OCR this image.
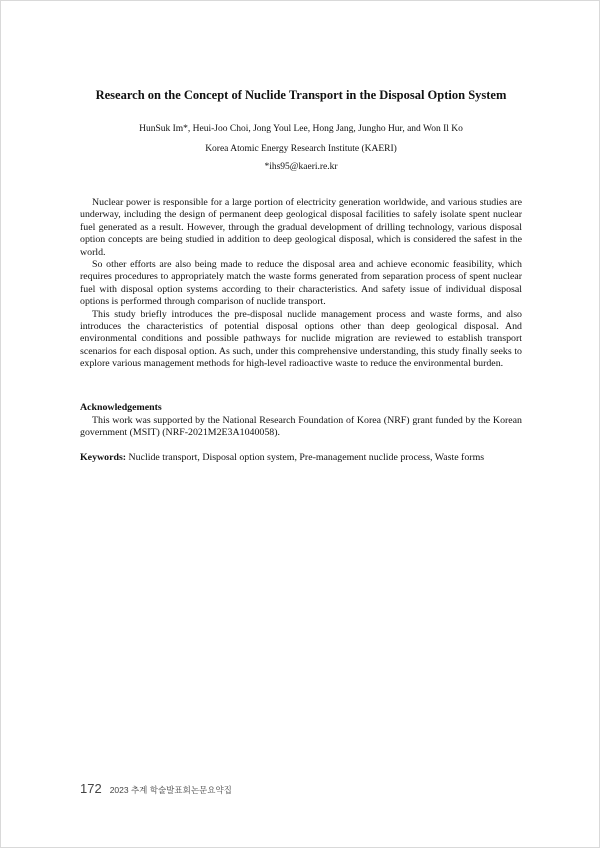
Research on the Concept of Nuclide Transport in the Disposal Option System
HunSuk Im*, Heui-Joo Choi, Jong Youl Lee, Hong Jang, Jungho Hur, and Won Il Ko
Korea Atomic Energy Research Institute (KAERI)
*ihs95@kaeri.re.kr

Nuclear power is responsible for a large portion of electricity generation worldwide, and various studies are underway, including the design of permanent deep geological disposal facilities to safely isolate spent nuclear fuel generated as a result. However, through the gradual development of drilling technology, various disposal option concepts are being studied in addition to deep geological disposal, which is considered the safest in the world.

So other efforts are also being made to reduce the disposal area and achieve economic feasibility, which requires procedures to appropriately match the waste forms generated from separation process of spent nuclear fuel with disposal option systems according to their characteristics. And safety issue of individual disposal options is performed through comparison of nuclide transport.

This study briefly introduces the pre-disposal nuclide management process and waste forms, and also introduces the characteristics of potential disposal options other than deep geological disposal. And environmental conditions and possible pathways for nuclide migration are reviewed to establish transport scenarios for each disposal option. As such, under this comprehensive understanding, this study finally seeks to explore various management methods for high-level radioactive waste to reduce the environmental burden.

Acknowledgements
This work was supported by the National Research Foundation of Korea (NRF) grant funded by the Korean government (MSIT) (NRF-2021M2E3A1040058).
Keywords: Nuclide transport, Disposal option system, Pre-management nuclide process, Waste forms
172 2023 추계 학술발표회논문요약집
